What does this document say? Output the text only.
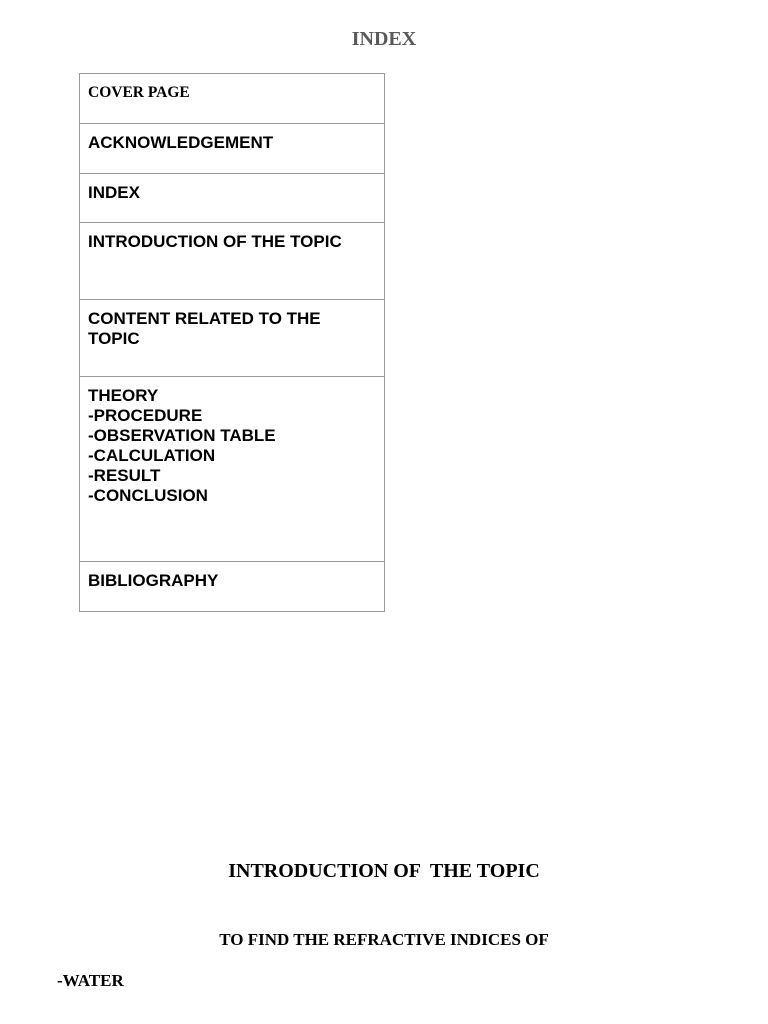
INDEX
COVER PAGE

ACKNOWLEDGEMENT

INDEX

INTRODUCTION OF THE TOPIC

CONTENT RELATED TO THE
TOPIC

THEORY
-PROCEDURE
-OBSERVATION TABLE
-CALCULATION
-RESULT
-CONCLUSION

BIBLIOGRAPHY
INTRODUCTION OF  THE TOPIC
TO FIND THE REFRACTIVE INDICES OF

-WATER
